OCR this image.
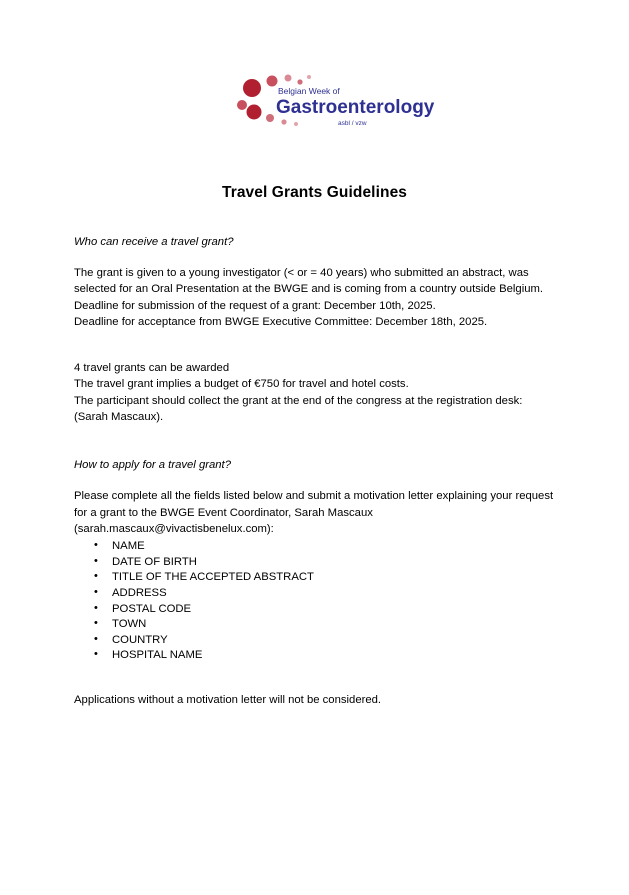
Belgian Week of
Gastroenterology
asbl / vzw
Travel Grants Guidelines
Who can receive a travel grant?
The grant is given to a young investigator (< or = 40 years) who submitted an abstract, was selected for an Oral Presentation at the BWGE and is coming from a country outside Belgium.
Deadline for submission of the request of a grant: December 10th, 2025.
Deadline for acceptance from BWGE Executive Committee: December 18th, 2025.
4 travel grants can be awarded
The travel grant implies a budget of €750 for travel and hotel costs.
The participant should collect the grant at the end of the congress at the registration desk:
(Sarah Mascaux).
How to apply for a travel grant?
Please complete all the fields listed below and submit a motivation letter explaining your request for a grant to the BWGE Event Coordinator, Sarah Mascaux
(sarah.mascaux@vivactisbenelux.com):
• NAME
• DATE OF BIRTH
• TITLE OF THE ACCEPTED ABSTRACT
• ADDRESS
• POSTAL CODE
• TOWN
• COUNTRY
• HOSPITAL NAME
Applications without a motivation letter will not be considered.
